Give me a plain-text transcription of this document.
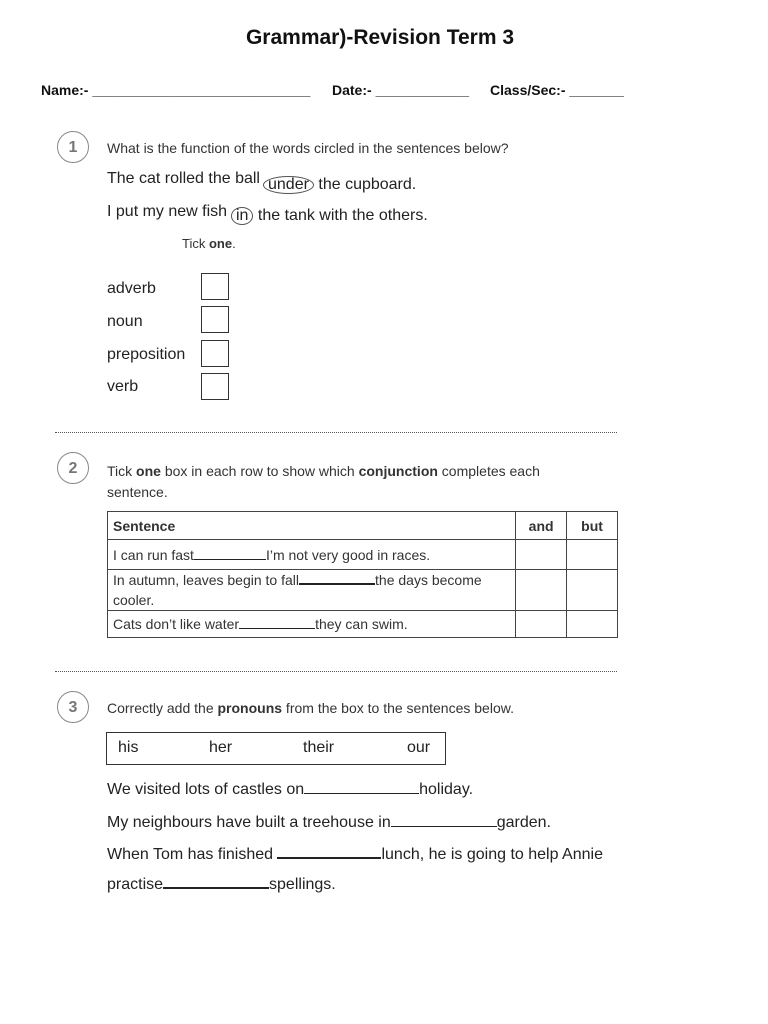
Grammar)-Revision Term 3
Name:- ____________________________ Date:- ____________ Class/Sec:- _______
1	What is the function of the words circled in the sentences below?
The cat rolled the ball under the cupboard.
I put my new fish in the tank with the others.
Tick one.
adverb
noun
preposition
verb
2	Tick one box in each row to show which conjunction completes each
sentence.
Sentence	and	but
I can run fast I’m not very good in races.		
In autumn, leaves begin to fall the days become
cooler.		
Cats don’t like water they can swim.		
3	Correctly add the pronouns from the box to the sentences below.
his	her	their	our
We visited lots of castles on	holiday.
My neighbours have built a treehouse in	garden.
When Tom has finished	lunch, he is going to help Annie
practise	spellings.
